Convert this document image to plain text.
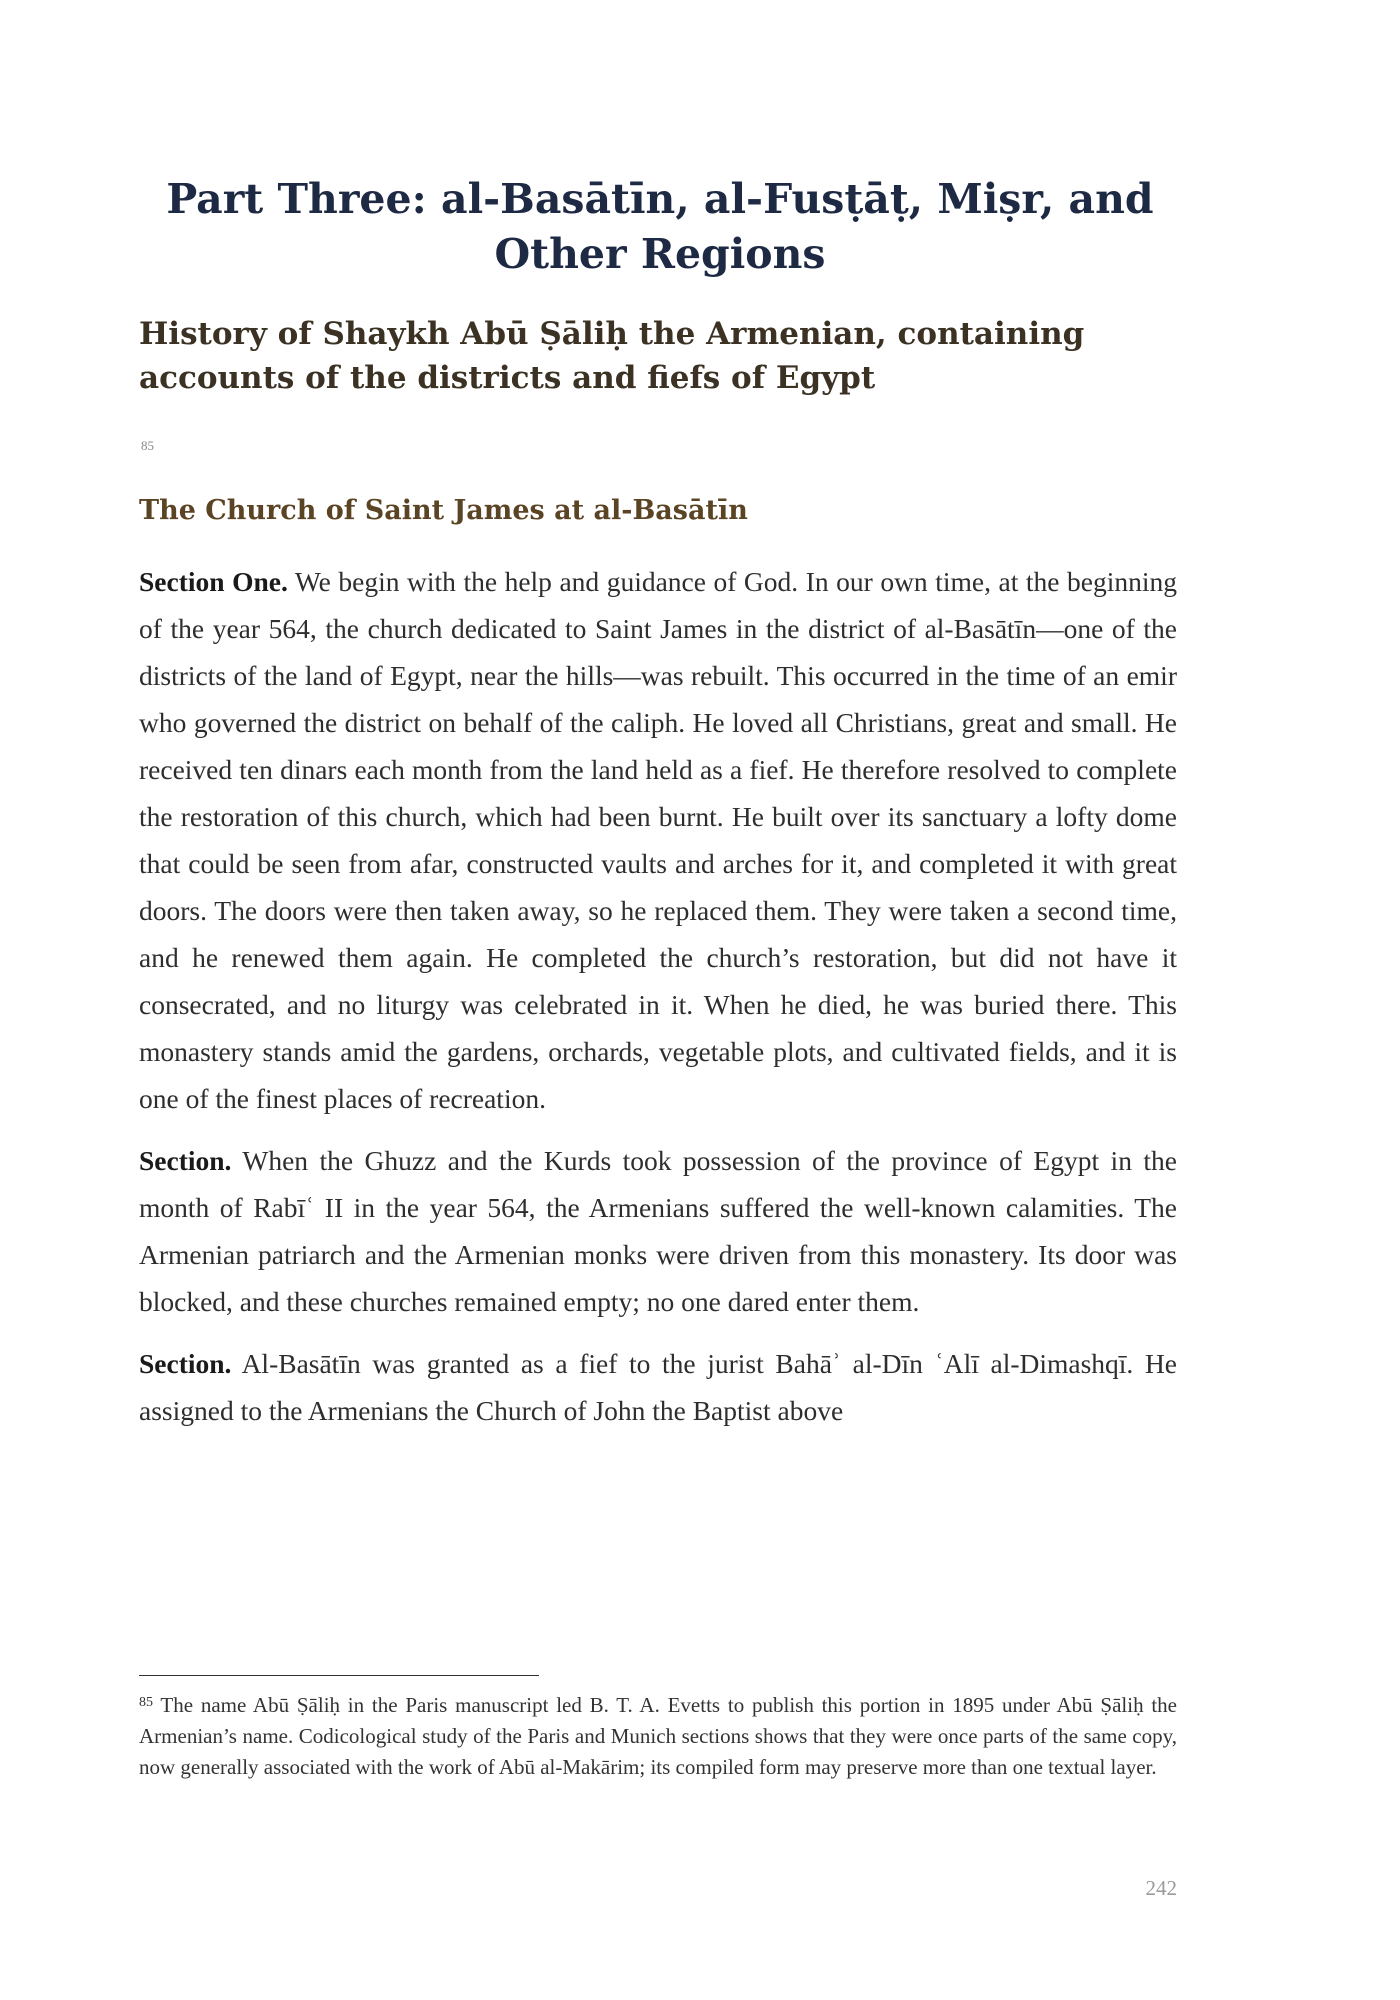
Part Three: al-Basātīn, al-Fusṭāṭ, Miṣr, and Other Regions
History of Shaykh Abū Ṣāliḥ the Armenian, containing accounts of the districts and fiefs of Egypt
85
The Church of Saint James at al-Basātīn

Section One. We begin with the help and guidance of God. In our own time, at the beginning of the year 564, the church dedicated to Saint James in the district of al-Basātīn—one of the districts of the land of Egypt, near the hills—was rebuilt. This occurred in the time of an emir who governed the district on behalf of the caliph. He loved all Christians, great and small. He received ten dinars each month from the land held as a fief. He therefore resolved to complete the restoration of this church, which had been burnt. He built over its sanctuary a lofty dome that could be seen from afar, constructed vaults and arches for it, and completed it with great doors. The doors were then taken away, so he replaced them. They were taken a second time, and he renewed them again. He completed the church’s restoration, but did not have it consecrated, and no liturgy was celebrated in it. When he died, he was buried there. This monastery stands amid the gardens, orchards, vegetable plots, and cultivated fields, and it is one of the finest places of recreation.

Section. When the Ghuzz and the Kurds took possession of the province of Egypt in the month of Rabīʿ II in the year 564, the Armenians suffered the well-known calamities. The Armenian patriarch and the Armenian monks were driven from this monastery. Its door was blocked, and these churches remained empty; no one dared enter them.

Section. Al-Basātīn was granted as a fief to the jurist Bahāʾ al-Dīn ʿAlī al-Dimashqī. He assigned to the Armenians the Church of John the Baptist above

$^{85}$ The name Abū Ṣāliḥ in the Paris manuscript led B. T. A. Evetts to publish this portion in 1895 under Abū Ṣāliḥ the Armenian’s name. Codicological study of the Paris and Munich sections shows that they were once parts of the same copy, now generally associated with the work of Abū al-Makārim; its compiled form may preserve more than one textual layer.

242
